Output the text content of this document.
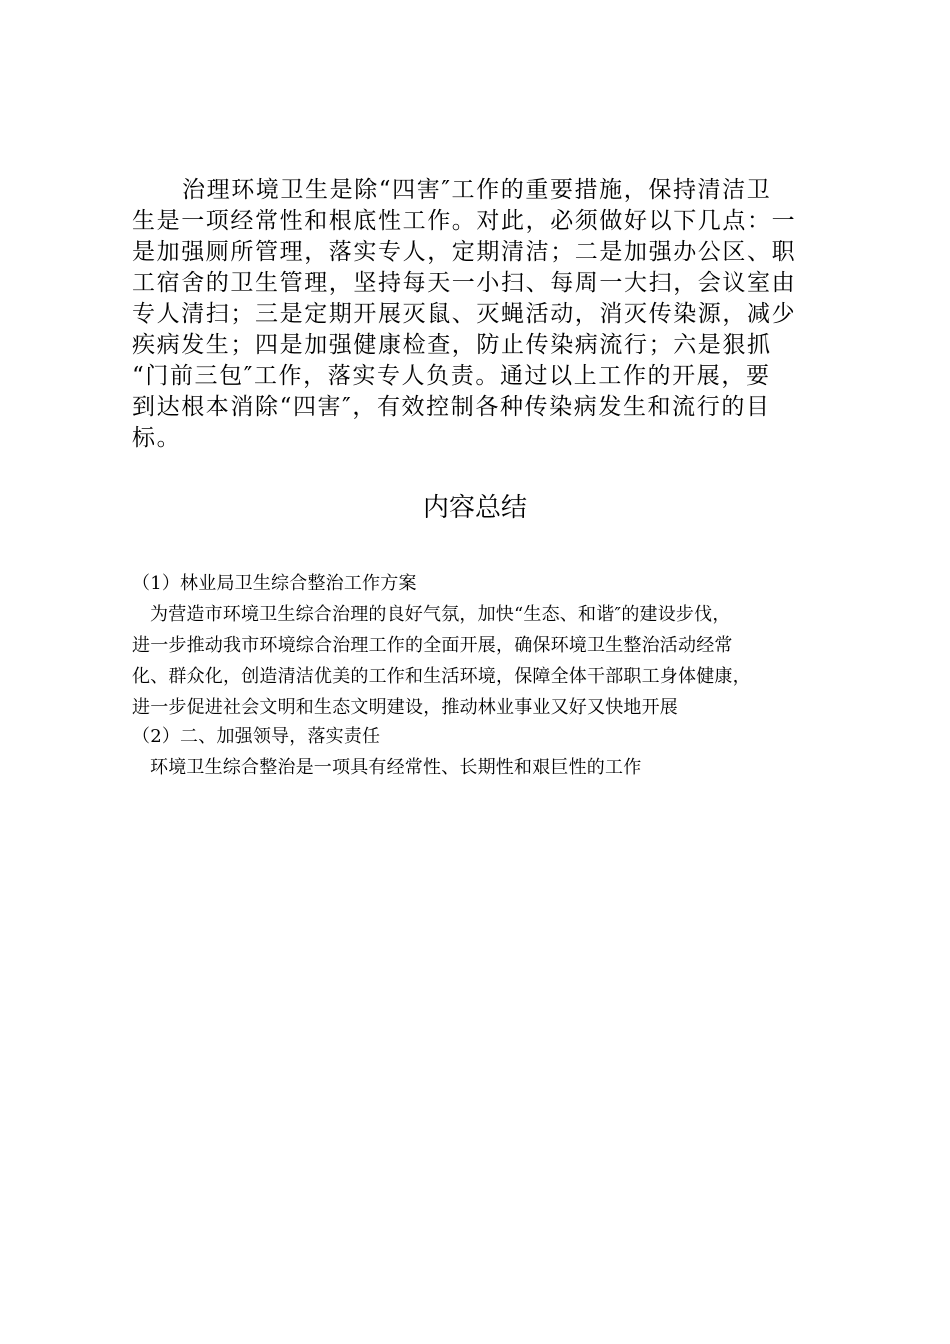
治理环境卫生是除“四害″工作的重要措施，保持清洁卫

生是一项经常性和根底性工作。对此，必须做好以下几点：一

是加强厕所管理，落实专人，定期清洁；二是加强办公区、职

工宿舍的卫生管理，坚持每天一小扫、每周一大扫，会议室由

专人清扫；三是定期开展灭鼠、灭蝇活动，消灭传染源，减少

疾病发生；四是加强健康检查，防止传染病流行；六是狠抓

“门前三包″工作，落实专人负责。通过以上工作的开展，要

到达根本消除“四害″，有效控制各种传染病发生和流行的目

标。

内容总结

（1）林业局卫生综合整治工作方案

为营造市环境卫生综合治理的良好气氛，加快“生态、和谐″的建设步伐，

进一步推动我市环境综合治理工作的全面开展，确保环境卫生整治活动经常

化、群众化，创造清洁优美的工作和生活环境，保障全体干部职工身体健康，

进一步促进社会文明和生态文明建设，推动林业事业又好又快地开展

（2）二、加强领导，落实责任

环境卫生综合整治是一项具有经常性、长期性和艰巨性的工作
